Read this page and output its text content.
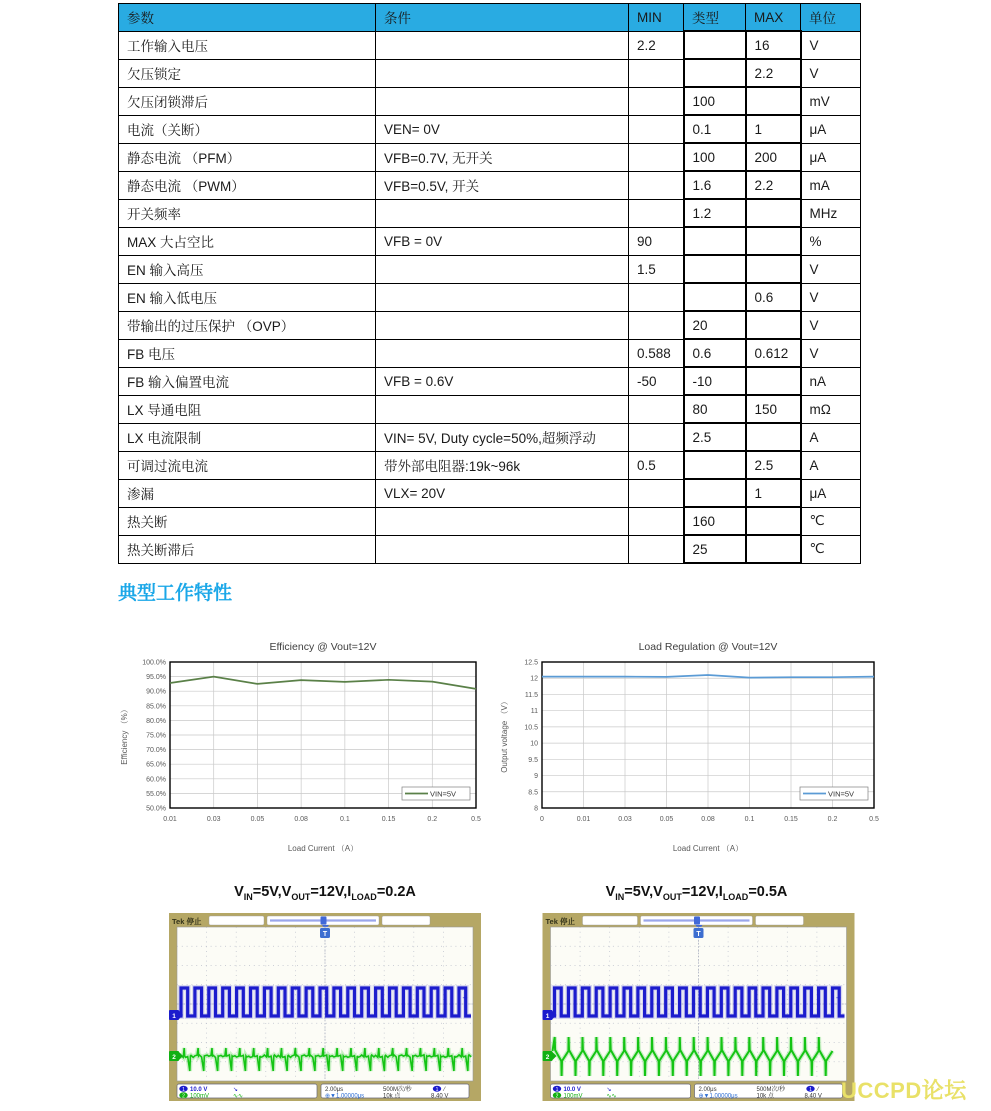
参数	条件	MIN	类型	MAX	单位
工作输入电压		2.2		16	V
欠压锁定				2.2	V
欠压闭锁滞后			100		mV
电流（关断）	VEN= 0V		0.1	1	μA
静态电流 （PFM）	VFB=0.7V, 无开关		100	200	μA
静态电流 （PWM）	VFB=0.5V, 开关		1.6	2.2	mA
开关频率			1.2		MHz
MAX 大占空比	VFB = 0V	90			%
EN 输入高压		1.5			V
EN 输入低电压				0.6	V
带输出的过压保护 （OVP）			20		V
FB 电压		0.588	0.6	0.612	V
FB 输入偏置电流	VFB = 0.6V	-50	-10		nA
LX 导通电阻			80	150	mΩ
LX 电流限制	VIN= 5V, Duty cycle=50%,超频浮动		2.5		A
可调过流电流	带外部电阻器:19k~96k	0.5		2.5	A
渗漏	VLX= 20V			1	μA
热关断			160		℃
热关断滞后			25		℃
典型工作特性
Efficiency @ Vout=12V
50.0%
55.0%
60.0%
65.0%
70.0%
75.0%
80.0%
85.0%
90.0%
95.0%
100.0%
0.01	0.03	0.05	0.08	0.1	0.15	0.2	0.5
Load Current （A）
Efficiency （%）
VIN=5V
Load Regulation @ Vout=12V
8
8.5
9
9.5
10
10.5
11
11.5
12
12.5
0	0.01	0.03	0.05	0.08	0.1	0.15	0.2	0.5
Load Current （A）
Output voltage （V）
VIN=5V
$V_{IN}=5V,V_{OUT}=12V,I_{LOAD}=0.2A$	$V_{IN}=5V,V_{OUT}=12V,I_{LOAD}=0.5A$
Tek 停止
T
+
1
2
1 10.0 V	↘
2 100mV	∿∿
2.00μs	500M次/秒	1 ⁄
⊕▼1.00000μs	10k 点	8.40 V
Tek 停止
T
+
1
2
1 10.0 V	↘
2 100mV	∿∿
2.00μs	500M次/秒	1 ⁄
⊕▼1.00000μs	10k 点	8.40 V UCCPD论坛
